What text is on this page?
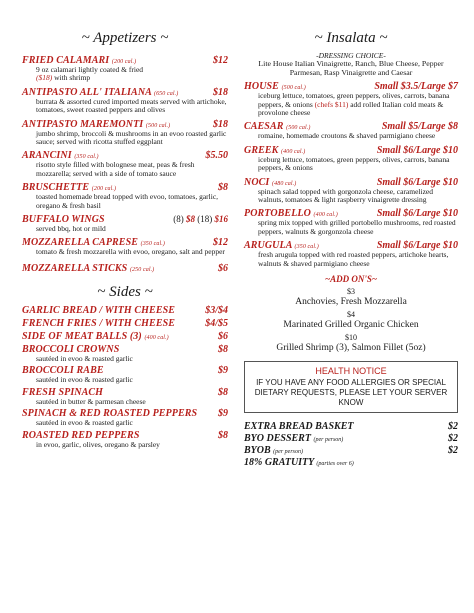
~ Appetizers ~
FRIED CALAMARI (200 cal.)	$12
9 oz calamari lightly coated & fried
($18) with shrimp
ANTIPASTO ALL' ITALIANA (650 cal.)	$18
burrata & assorted cured imported meats served with artichoke, tomatoes, sweet roasted peppers and olives
ANTIPASTO MAREMONTI (500 cal.)	$18
jumbo shrimp, broccoli & mushrooms in an evoo roasted garlic sauce; served with ricotta stuffed eggplant
ARANCINI (350 cal.)	$5.50
risotto style filled with bolognese meat, peas & fresh mozzarella; served with a side of tomato sauce
BRUSCHETTE (200 cal.)	$8
toasted homemade bread topped with evoo, tomatoes, garlic, oregano & fresh basil
BUFFALO WINGS	(8) $8 (18) $16
served bbq, hot or mild
MOZZARELLA CAPRESE (350 cal.)	$12
tomato & fresh mozzarella with evoo, oregano, salt and pepper
MOZZARELLA STICKS (250 cal.)	$6
~ Sides ~
GARLIC BREAD / WITH CHEESE	$3/$4
FRENCH FRIES / WITH CHEESE	$4/$5
SIDE OF MEAT BALLS (3) (400 cal.)	$6
BROCCOLI CROWNS	$8
sautéed in evoo & roasted garlic
BROCCOLI RABE	$9
sautéed in evoo & roasted garlic
FRESH SPINACH	$8
sautéed in butter & parmesan cheese
SPINACH & RED ROASTED PEPPERS $9
sautéed in evoo & roasted garlic
ROASTED RED PEPPERS	$8
in evoo, garlic, olives, oregano & parsley
~ Insalata ~
-DRESSING CHOICE-
Lite House Italian Vinaigrette, Ranch, Blue Cheese, Pepper Parmesan, Rasp Vinaigrette and Caesar
HOUSE (500 cal.)	Small $3.5/Large $7
iceburg lettuce, tomatoes, green peppers, olives, carrots, banana peppers, & onions (chefs $11) add rolled Italian cold meats & provolone cheese
CAESAR (500 cal.)	Small $5/Large $8
romaine, homemade croutons & shaved parmigiano cheese
GREEK (400 cal.)	Small $6/Large $10
iceburg lettuce, tomatoes, green peppers, olives, carrots, banana peppers, & onions
NOCI (480 cal.)	Small $6/Large $10
spinach salad topped with gorgonzola cheese, caramelized walnuts, tomatoes & light raspberry vinaigrette dressing
PORTOBELLO (400 cal.)	Small $6/Large $10
spring mix topped with grilled portobello mushrooms, red roasted peppers, walnuts & gorgonzola cheese
ARUGULA (350 cal.)	Small $6/Large $10
fresh arugula topped with red roasted peppers, artichoke hearts, walnuts & shaved parmigiano cheese
~ADD ON'S~
$3
Anchovies, Fresh Mozzarella
$4
Marinated Grilled Organic Chicken
$10
Grilled Shrimp (3), Salmon Fillet (5oz)
HEALTH NOTICE
IF YOU HAVE ANY FOOD ALLERGIES OR SPECIAL DIETARY REQUESTS, PLEASE LET YOUR SERVER KNOW
EXTRA BREAD BASKET	$2
BYO DESSERT (per person)	$2
BYOB (per person)	$2
18% GRATUITY (parties over 6)
